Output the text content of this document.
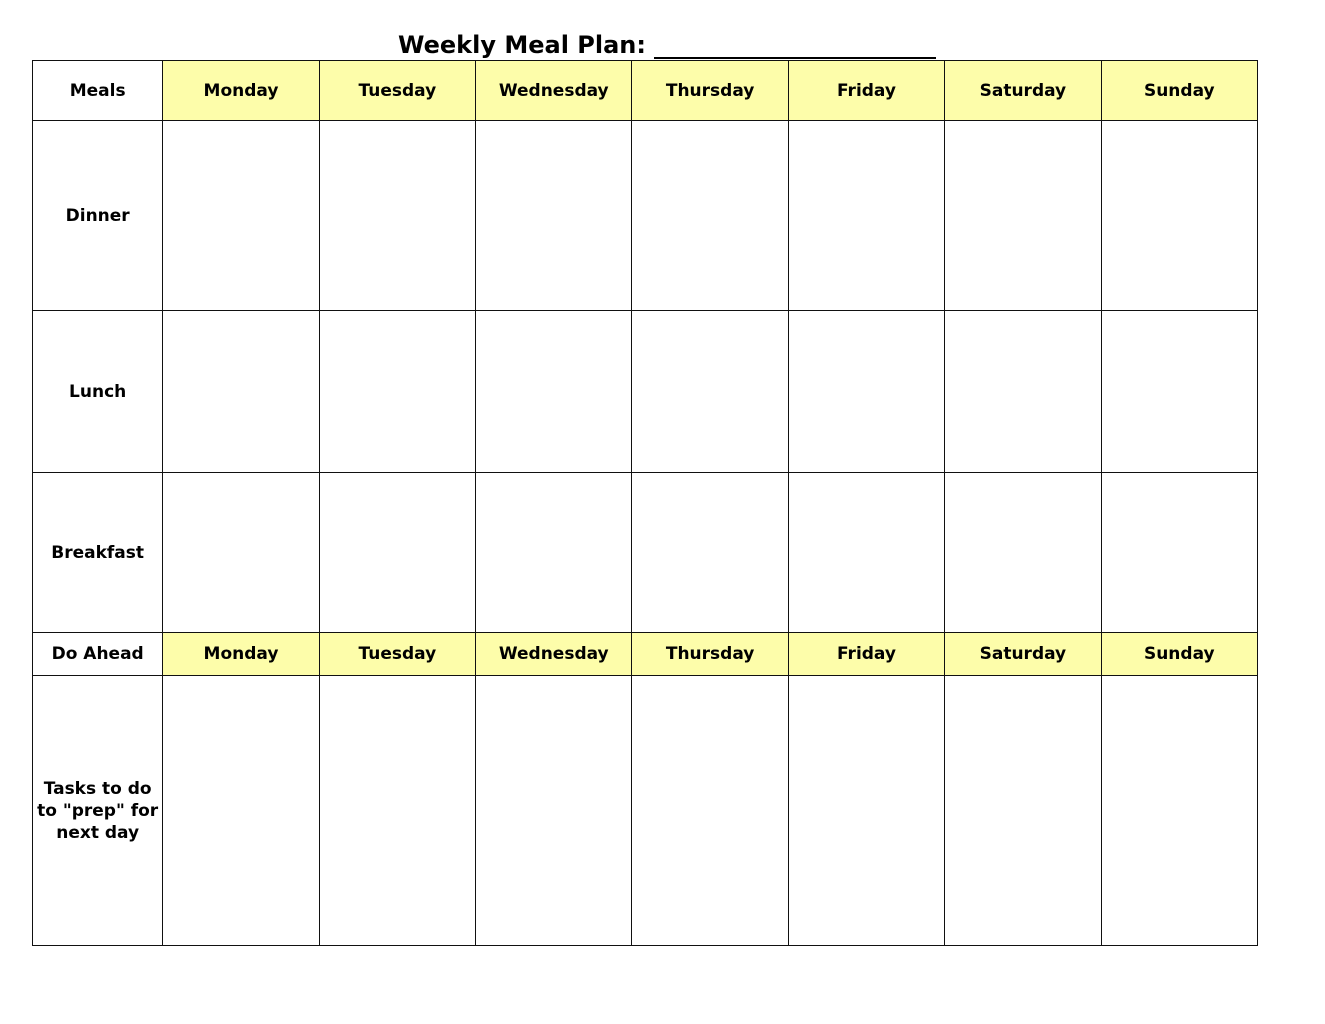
Weekly Meal Plan:
Meals	Monday	Tuesday	Wednesday	Thursday	Friday	Saturday	Sunday
Dinner							
Lunch							
Breakfast							
Do Ahead	Monday	Tuesday	Wednesday	Thursday	Friday	Saturday	Sunday

Tasks to do
to "prep" for
next day							
